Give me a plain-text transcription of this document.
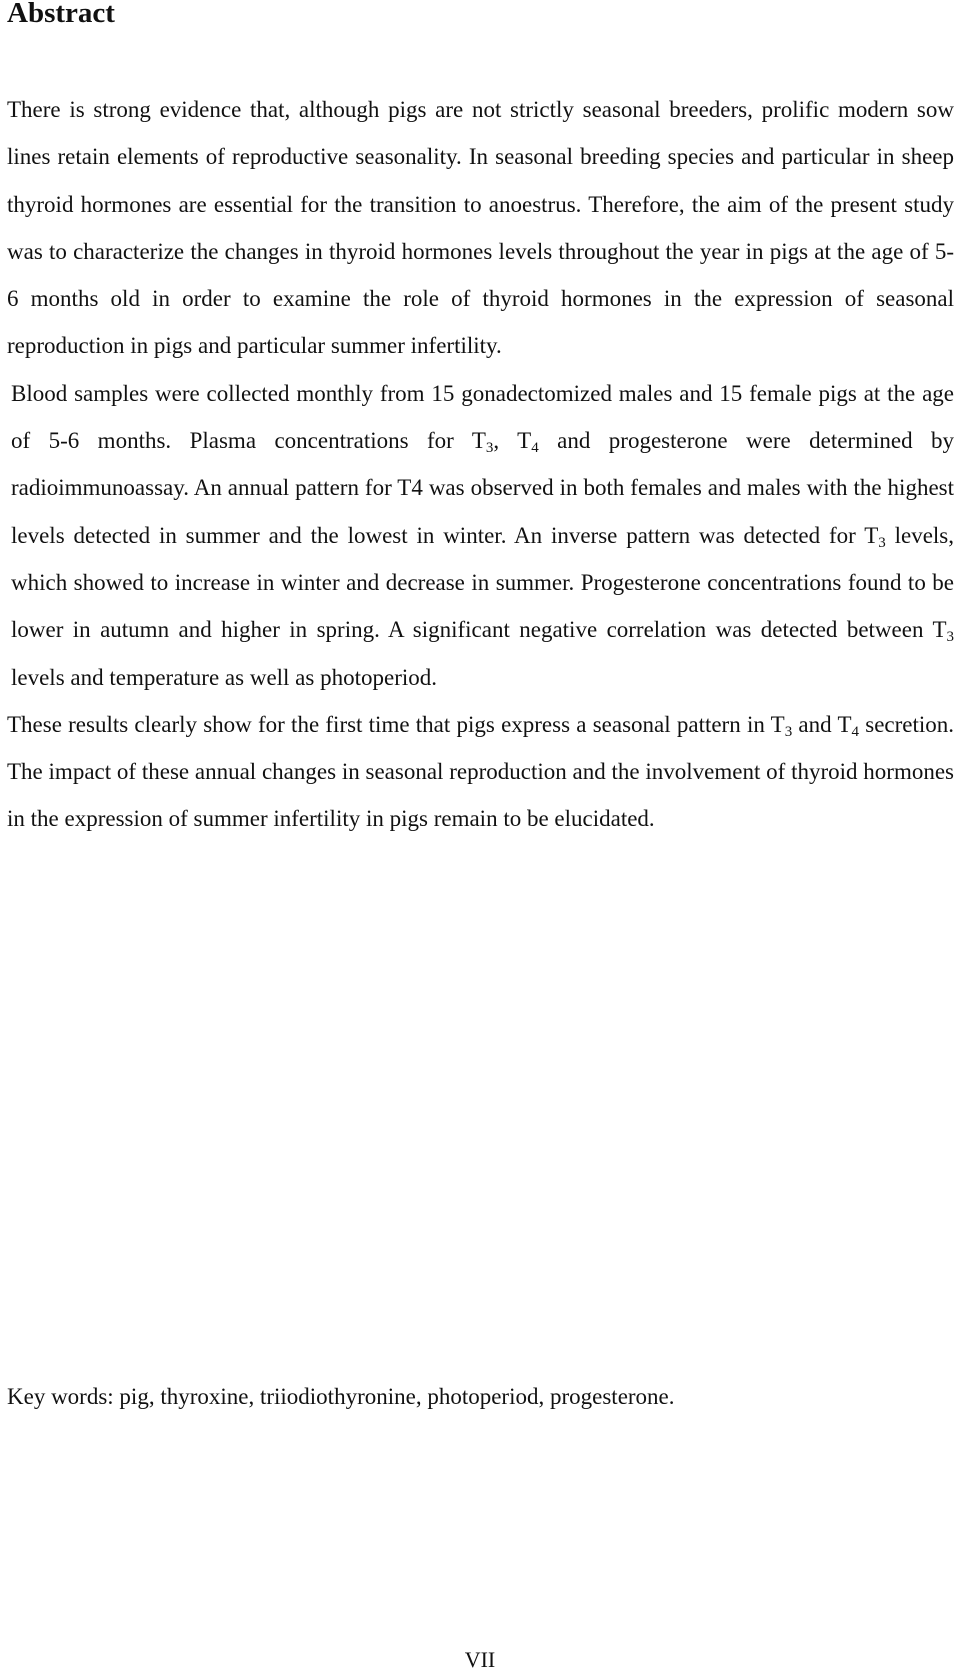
Abstract

There is strong evidence that, although pigs are not strictly seasonal breeders, prolific modern sow lines retain elements of reproductive seasonality. In seasonal breeding species and particular in sheep thyroid hormones are essential for the transition to anoestrus. Therefore, the aim of the present study was to characterize the changes in thyroid hormones levels throughout the year in pigs at the age of 5-6 months old in order to examine the role of thyroid hormones in the expression of seasonal reproduction in pigs and particular summer infertility.

Blood samples were collected monthly from 15 gonadectomized males and 15 female pigs at the age of 5-6 months. Plasma concentrations for $T_3$, $T_4$ and progesterone were determined by radioimmunoassay. An annual pattern for T4 was observed in both females and males with the highest levels detected in summer and the lowest in winter. An inverse pattern was detected for $T_3$ levels, which showed to increase in winter and decrease in summer. Progesterone concentrations found to be lower in autumn and higher in spring. A significant negative correlation was detected between $T_3$ levels and temperature as well as photoperiod.

These results clearly show for the first time that pigs express a seasonal pattern in $T_3$ and $T_4$ secretion. The impact of these annual changes in seasonal reproduction and the involvement of thyroid hormones in the expression of summer infertility in pigs remain to be elucidated.

Key words: pig, thyroxine, triiodiothyronine, photoperiod, progesterone.

VII
